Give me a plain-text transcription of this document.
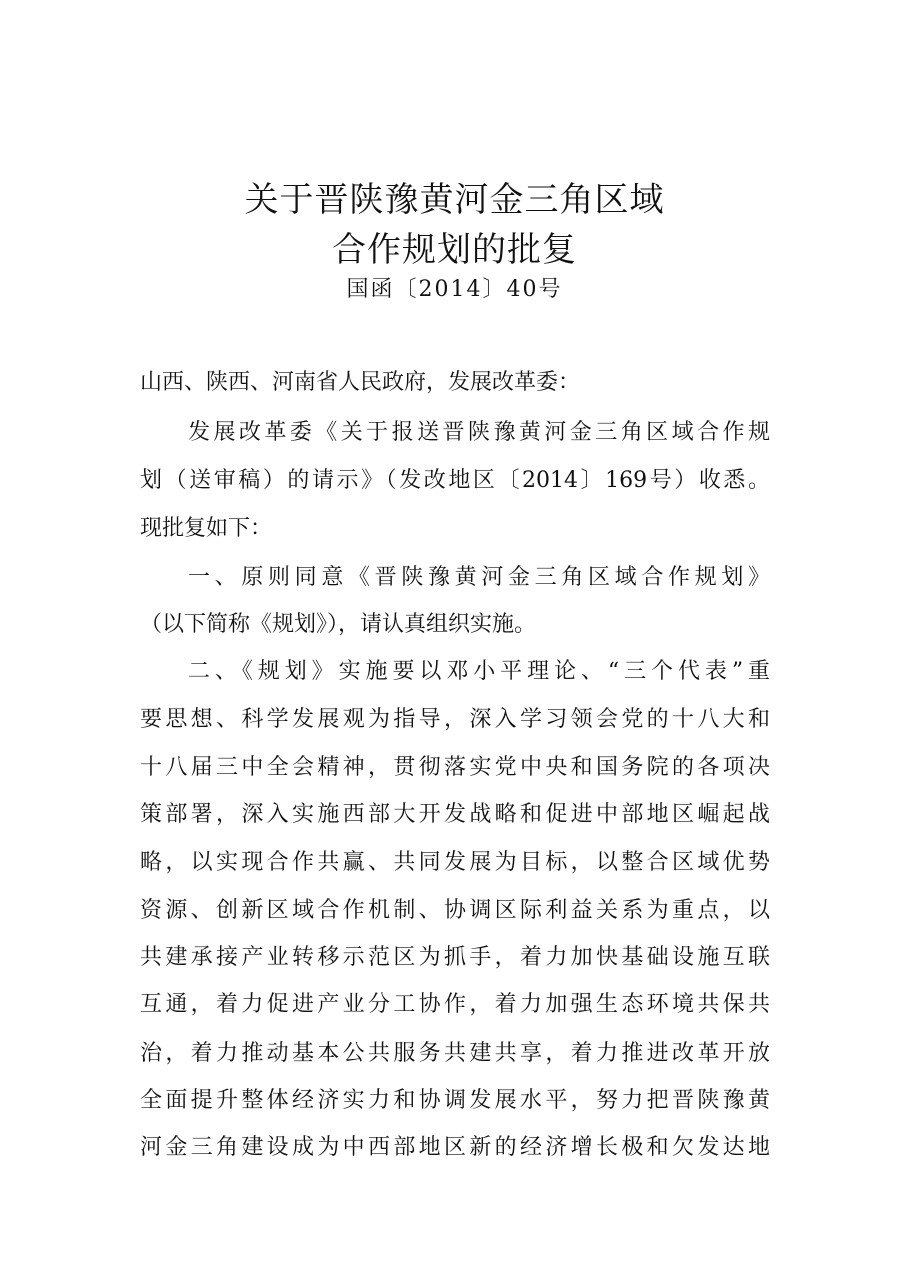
关于晋陕豫黄河金三角区域
合作规划的批复
国函〔2014〕40号
山西、陕西、河南省人民政府，发展改革委：
发展改革委《关于报送晋陕豫黄河金三角区域合作规
划（送审稿）的请示》（发改地区〔2014〕169号）收悉。
现批复如下：
一、原则同意《晋陕豫黄河金三角区域合作规划》
（以下简称《规划》），请认真组织实施。
二、《规划》实施要以邓小平理论、“三个代表”重
要思想、科学发展观为指导，深入学习领会党的十八大和
十八届三中全会精神，贯彻落实党中央和国务院的各项决
策部署，深入实施西部大开发战略和促进中部地区崛起战
略，以实现合作共赢、共同发展为目标，以整合区域优势
资源、创新区域合作机制、协调区际利益关系为重点，以
共建承接产业转移示范区为抓手，着力加快基础设施互联
互通，着力促进产业分工协作，着力加强生态环境共保共
治，着力推动基本公共服务共建共享，着力推进改革开放
全面提升整体经济实力和协调发展水平，努力把晋陕豫黄
河金三角建设成为中西部地区新的经济增长极和欠发达地
